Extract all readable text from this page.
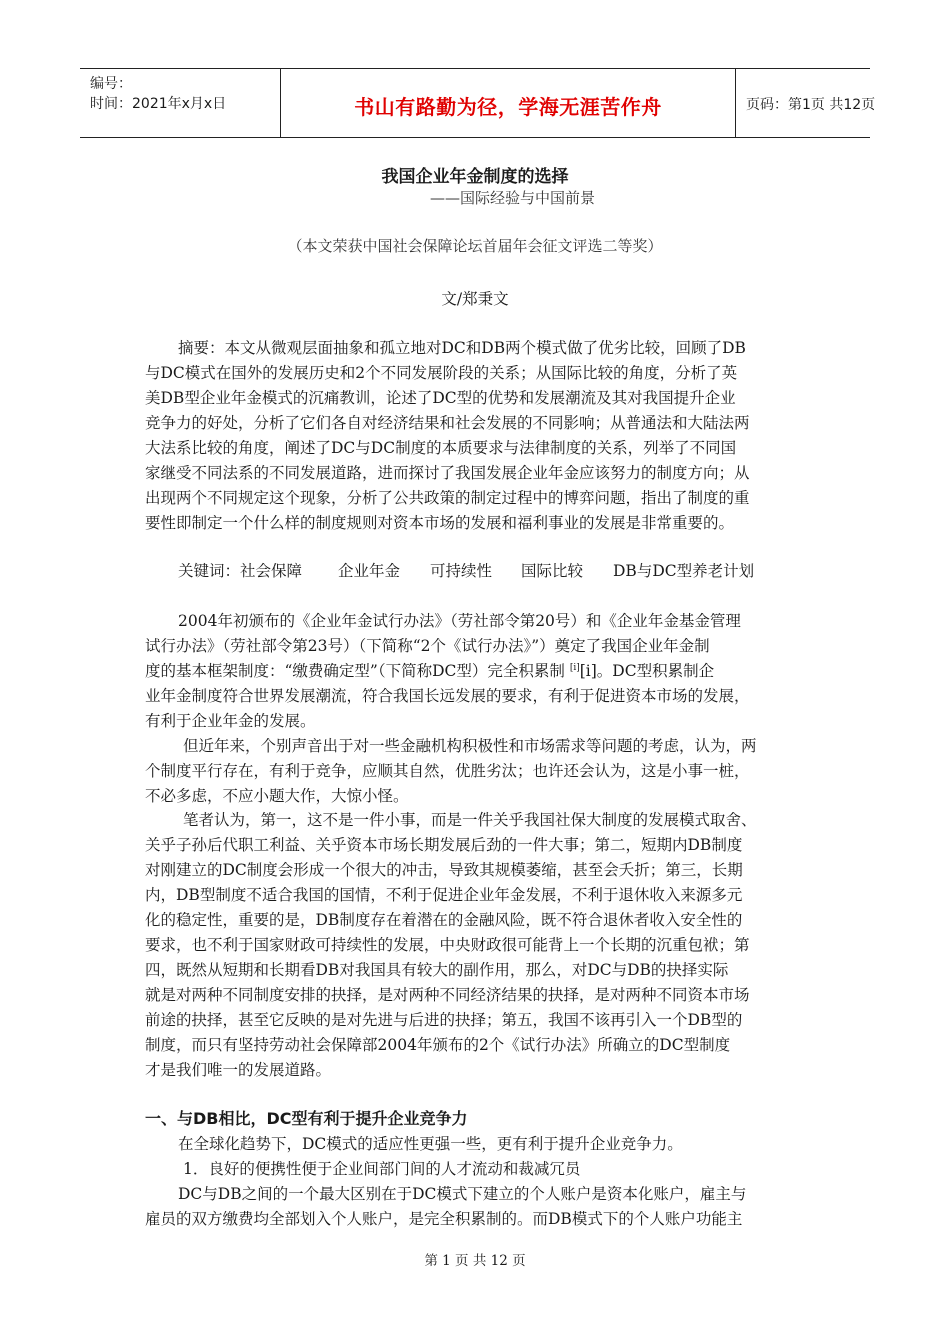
编号：
时间：2021年x月x日	书山有路勤为径，学海无涯苦作舟	页码：第1页 共12页
我国企业年金制度的选择
——国际经验与中国前景
（本文荣获中国社会保障论坛首届年会征文评选二等奖）
文/郑秉文
摘要：本文从微观层面抽象和孤立地对DC和DB两个模式做了优劣比较，回顾了DB
与DC模式在国外的发展历史和2个不同发展阶段的关系；从国际比较的角度，分析了英
美DB型企业年金模式的沉痛教训，论述了DC型的优势和发展潮流及其对我国提升企业
竞争力的好处，分析了它们各自对经济结果和社会发展的不同影响；从普通法和大陆法两
大法系比较的角度，阐述了DC与DC制度的本质要求与法律制度的关系，列举了不同国
家继受不同法系的不同发展道路，进而探讨了我国发展企业年金应该努力的制度方向；从
出现两个不同规定这个现象，分析了公共政策的制定过程中的博弈问题，指出了制度的重
要性即制定一个什么样的制度规则对资本市场的发展和福利事业的发展是非常重要的。
关键词：社会保障 企业年金 可持续性 国际比较 DB与DC型养老计划
2004年初颁布的《企业年金试行办法》（劳社部令第20号）和《企业年金基金管理
试行办法》（劳社部令第23号）（下简称“2个《试行办法》”）奠定了我国企业年金制
度的基本框架制度：“缴费确定型”（下简称DC型）完全积累制 [i][i]。DC型积累制企
业年金制度符合世界发展潮流，符合我国长远发展的要求，有利于促进资本市场的发展，
有利于企业年金的发展。
但近年来，个别声音出于对一些金融机构积极性和市场需求等问题的考虑，认为，两
个制度平行存在，有利于竞争，应顺其自然，优胜劣汰；也许还会认为，这是小事一桩，
不必多虑，不应小题大作，大惊小怪。
笔者认为，第一，这不是一件小事，而是一件关乎我国社保大制度的发展模式取舍、
关乎子孙后代职工利益、关乎资本市场长期发展后劲的一件大事；第二，短期内DB制度
对刚建立的DC制度会形成一个很大的冲击，导致其规模萎缩，甚至会夭折；第三，长期
内，DB型制度不适合我国的国情，不利于促进企业年金发展，不利于退休收入来源多元
化的稳定性，重要的是，DB制度存在着潜在的金融风险，既不符合退休者收入安全性的
要求，也不利于国家财政可持续性的发展，中央财政很可能背上一个长期的沉重包袱；第
四，既然从短期和长期看DB对我国具有较大的副作用，那么，对DC与DB的抉择实际
就是对两种不同制度安排的抉择，是对两种不同经济结果的抉择，是对两种不同资本市场
前途的抉择，甚至它反映的是对先进与后进的抉择；第五，我国不该再引入一个DB型的
制度，而只有坚持劳动社会保障部2004年颁布的2个《试行办法》所确立的DC型制度
才是我们唯一的发展道路。
一、与DB相比，DC型有利于提升企业竞争力
在全球化趋势下，DC模式的适应性更强一些，更有利于提升企业竞争力。
1．良好的便携性便于企业间部门间的人才流动和裁减冗员
DC与DB之间的一个最大区别在于DC模式下建立的个人账户是资本化账户，雇主与
雇员的双方缴费均全部划入个人账户，是完全积累制的。而DB模式下的个人账户功能主
第 1 页 共 12 页
